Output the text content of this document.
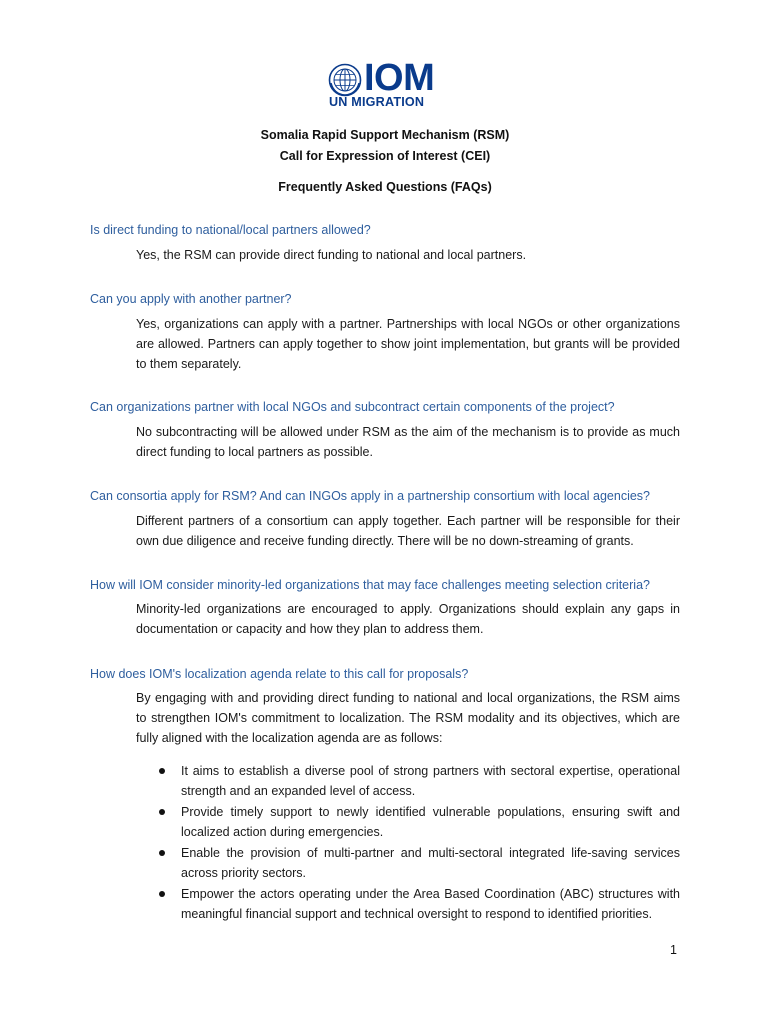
IOM
UN MIGRATION
Somalia Rapid Support Mechanism (RSM)
Call for Expression of Interest (CEI)
Frequently Asked Questions (FAQs)
Is direct funding to national/local partners allowed?
Yes, the RSM can provide direct funding to national and local partners.
Can you apply with another partner?
Yes, organizations can apply with a partner. Partnerships with local NGOs or other organizations are allowed. Partners can apply together to show joint implementation, but grants will be provided to them separately.
Can organizations partner with local NGOs and subcontract certain components of the project?
No subcontracting will be allowed under RSM as the aim of the mechanism is to provide as much direct funding to local partners as possible.
Can consortia apply for RSM? And can INGOs apply in a partnership consortium with local agencies?
Different partners of a consortium can apply together. Each partner will be responsible for their own due diligence and receive funding directly. There will be no down-streaming of grants.
How will IOM consider minority-led organizations that may face challenges meeting selection criteria?
Minority-led organizations are encouraged to apply. Organizations should explain any gaps in documentation or capacity and how they plan to address them.
How does IOM's localization agenda relate to this call for proposals?
By engaging with and providing direct funding to national and local organizations, the RSM aims to strengthen IOM's commitment to localization. The RSM modality and its objectives, which are fully aligned with the localization agenda are as follows:
It aims to establish a diverse pool of strong partners with sectoral expertise, operational strength and an expanded level of access.
Provide timely support to newly identified vulnerable populations, ensuring swift and localized action during emergencies.
Enable the provision of multi-partner and multi-sectoral integrated life-saving services across priority sectors.
Empower the actors operating under the Area Based Coordination (ABC) structures with meaningful financial support and technical oversight to respond to identified priorities.
1
